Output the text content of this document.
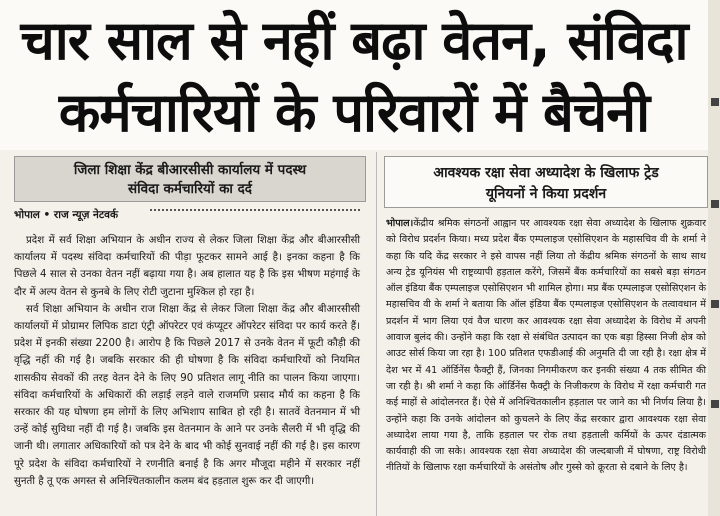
चार साल से नहीं बढ़ा वेतन, संविदा
कर्मचारियों के परिवारों में बैचेनी
जिला शिक्षा केंद्र बीआरसीसी कार्यालय में पदस्थ
संविदा कर्मचारियों का दर्द
भोपाल • राज न्यूज़ नेटवर्क

प्रदेश में सर्व शिक्षा अभियान के अधीन राज्य से लेकर जिला शिक्षा केंद्र और बीआरसीसी कार्यालय में पदस्थ संविदा कर्मचारियों की पीड़ा फूटकर सामने आई है। इनका कहना है कि पिछले 4 साल से उनका वेतन नहीं बढ़ाया गया है। अब हालात यह है कि इस भीषण महंगाई के दौर में अल्प वेतन से कुनबे के लिए रोटी जुटाना मुश्किल हो रहा है।

सर्व शिक्षा अभियान के अधीन राज शिक्षा केंद्र से लेकर जिला शिक्षा केंद्र और बीआरसीसी कार्यालयों में प्रोग्रामर लिपिक डाटा एंट्री ऑपरेटर एवं कंप्यूटर ऑपरेटर संविदा पर कार्य करते हैं। प्रदेश में इनकी संख्या 2200 है। आरोप है कि पिछले 2017 से उनके वेतन में फूटी कौड़ी की वृद्धि नहीं की गई है। जबकि सरकार की ही घोषणा है कि संविदा कर्मचारियों को नियमित शासकीय सेवकों की तरह वेतन देने के लिए 90 प्रतिशत लागू नीति का पालन किया जाएगा। संविदा कर्मचारियों के अधिकारों की लड़ाई लड़ने वाले राजमणि प्रसाद मौर्य का कहना है कि सरकार की यह घोषणा हम लोगों के लिए अभिशाप साबित हो रही है। सातवें वेतनमान में भी उन्हें कोई सुविधा नहीं दी गई है। जबकि इस वेतनमान के आने पर उनके सैलरी में भी वृद्धि की जानी थी। लगातार अधिकारियों को पत्र देने के बाद भी कोई सुनवाई नहीं की गई है। इस कारण पूरे प्रदेश के संविदा कर्मचारियों ने रणनीति बनाई है कि अगर मौजूदा महीने में सरकार नहीं सुनती है तू एक अगस्त से अनिश्चितकालीन कलम बंद हड़ताल शुरू कर दी जाएगी।

आवश्यक रक्षा सेवा अध्यादेश के खिलाफ ट्रेड
यूनियनों ने किया प्रदर्शन
भोपाल।केंद्रीय श्रमिक संगठनों आह्वान पर आवश्यक रक्षा सेवा अध्यादेश के खिलाफ शुक्रवार को विरोध प्रदर्शन किया। मध्य प्रदेश बैंक एम्पलाइज एसोसिएशन के महासचिव वी के शर्मा ने कहा कि यदि केंद्र सरकार ने इसे वापस नहीं लिया तो केंद्रीय श्रमिक संगठनों के साथ साथ अन्य ट्रेड यूनियंस भी राष्ट्रव्यापी हड़ताल करेंगे, जिसमें बैंक कर्मचारियों का सबसे बड़ा संगठन ऑल इंडिया बैंक एम्पलाइज एसोसिएशन भी शामिल होगा। मप्र बैंक एम्पलाइज एसोसिएशन के महासचिव वी के शर्मा ने बताया कि ऑल इंडिया बैंक एम्पलाइज एसोसिएशन के तत्वावधान में प्रदर्शन में भाग लिया एवं वैज धारण कर आवश्यक रक्षा सेवा अध्यादेश के विरोध में अपनी आवाज बुलंद की। उन्होंने कहा कि रक्षा से संबंधित उत्पादन का एक बड़ा हिस्सा निजी क्षेत्र को आउट सोर्स किया जा रहा है। 100 प्रतिशत एफडीआई की अनुमति दी जा रही है। रक्षा क्षेत्र में देश भर में 41 ऑर्डिनेंस फैक्ट्री हैं, जिनका निगमीकरण कर इनकी संख्या 4 तक सीमित की जा रही है। श्री शर्मा ने कहा कि ऑर्डिनेंस फैक्ट्री के निजीकरण के विरोध में रक्षा कर्मचारी गत कई माहों से आंदोलनरत हैं। ऐसे में अनिश्चितकालीन हड़ताल पर जाने का भी निर्णय लिया है। उन्होंने कहा कि उनके आंदोलन को कुचलने के लिए केंद्र सरकार द्वारा आवश्यक रक्षा सेवा अध्यादेश लाया गया है, ताकि हड़ताल पर रोक तथा हड़ताली कर्मियों के ऊपर दंडात्मक कार्यवाही की जा सके। आवश्यक रक्षा सेवा अध्यादेश की जल्दबाजी में घोषणा, राष्ट्र विरोधी नीतियों के खिलाफ रक्षा कर्मचारियों के असंतोष और गुस्से को क्रूरता से दबाने के लिए है।
